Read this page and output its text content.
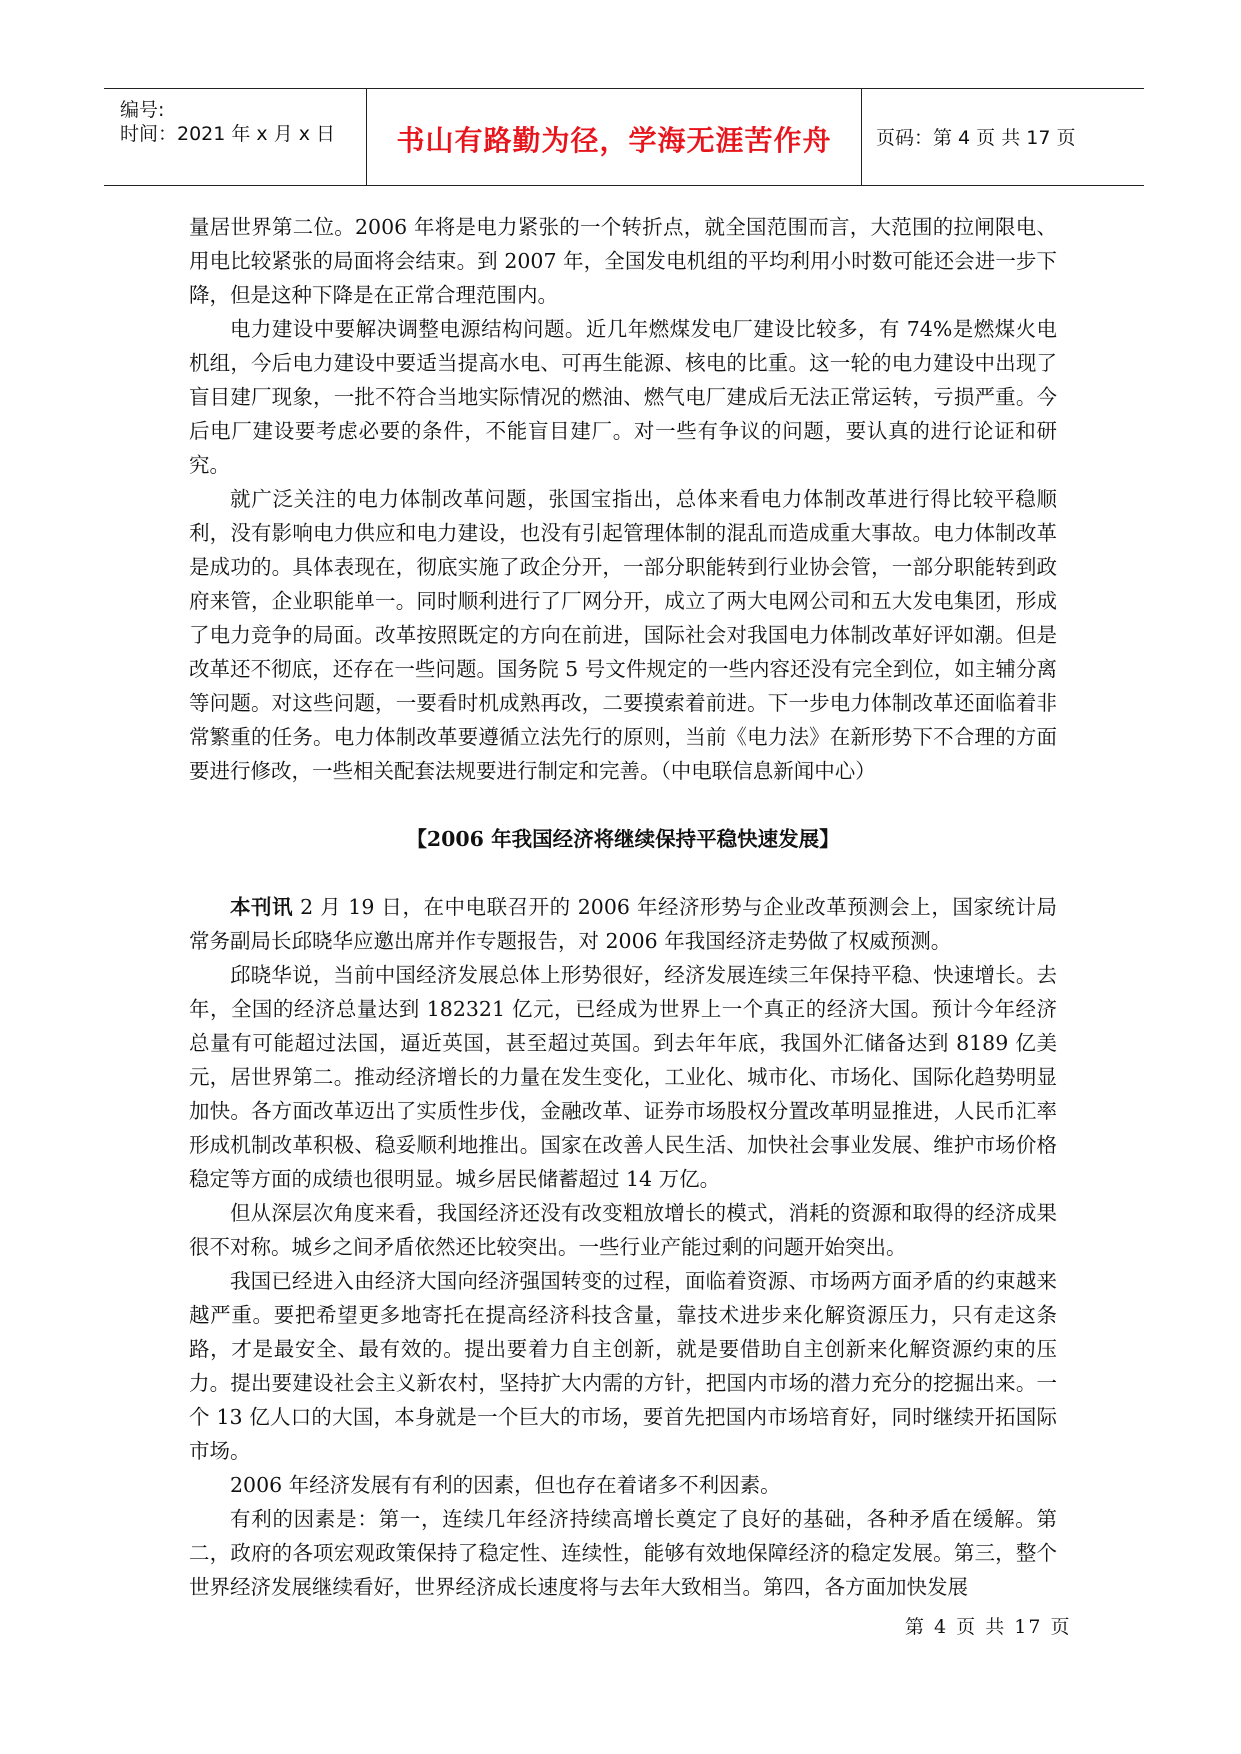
编号:
时间：2021 年 x 月 x 日	书山有路勤为径，学海无涯苦作舟	页码：第 4 页 共 17 页

量居世界第二位。2006 年将是电力紧张的一个转折点，就全国范围而言，大范围的拉闸限电、用电比较紧张的局面将会结束。到 2007 年，全国发电机组的平均利用小时数可能还会进一步下降，但是这种下降是在正常合理范围内。

电力建设中要解决调整电源结构问题。近几年燃煤发电厂建设比较多，有 74%是燃煤火电机组，今后电力建设中要适当提高水电、可再生能源、核电的比重。这一轮的电力建设中出现了盲目建厂现象，一批不符合当地实际情况的燃油、燃气电厂建成后无法正常运转，亏损严重。今后电厂建设要考虑必要的条件，不能盲目建厂。对一些有争议的问题，要认真的进行论证和研究。

就广泛关注的电力体制改革问题，张国宝指出，总体来看电力体制改革进行得比较平稳顺利，没有影响电力供应和电力建设，也没有引起管理体制的混乱而造成重大事故。电力体制改革是成功的。具体表现在，彻底实施了政企分开，一部分职能转到行业协会管，一部分职能转到政府来管，企业职能单一。同时顺利进行了厂网分开，成立了两大电网公司和五大发电集团，形成了电力竞争的局面。改革按照既定的方向在前进，国际社会对我国电力体制改革好评如潮。但是改革还不彻底，还存在一些问题。国务院 5 号文件规定的一些内容还没有完全到位，如主辅分离等问题。对这些问题，一要看时机成熟再改，二要摸索着前进。下一步电力体制改革还面临着非常繁重的任务。电力体制改革要遵循立法先行的原则，当前《电力法》在新形势下不合理的方面要进行修改，一些相关配套法规要进行制定和完善。（中电联信息新闻中心）

【2006 年我国经济将继续保持平稳快速发展】

本刊讯 2 月 19 日，在中电联召开的 2006 年经济形势与企业改革预测会上，国家统计局常务副局长邱晓华应邀出席并作专题报告，对 2006 年我国经济走势做了权威预测。

邱晓华说，当前中国经济发展总体上形势很好，经济发展连续三年保持平稳、快速增长。去年，全国的经济总量达到 182321 亿元，已经成为世界上一个真正的经济大国。预计今年经济总量有可能超过法国，逼近英国，甚至超过英国。到去年年底，我国外汇储备达到 8189 亿美元，居世界第二。推动经济增长的力量在发生变化，工业化、城市化、市场化、国际化趋势明显加快。各方面改革迈出了实质性步伐，金融改革、证券市场股权分置改革明显推进，人民币汇率形成机制改革积极、稳妥顺利地推出。国家在改善人民生活、加快社会事业发展、维护市场价格稳定等方面的成绩也很明显。城乡居民储蓄超过 14 万亿。

但从深层次角度来看，我国经济还没有改变粗放增长的模式，消耗的资源和取得的经济成果很不对称。城乡之间矛盾依然还比较突出。一些行业产能过剩的问题开始突出。

我国已经进入由经济大国向经济强国转变的过程，面临着资源、市场两方面矛盾的约束越来越严重。要把希望更多地寄托在提高经济科技含量，靠技术进步来化解资源压力，只有走这条路，才是最安全、最有效的。提出要着力自主创新，就是要借助自主创新来化解资源约束的压力。提出要建设社会主义新农村，坚持扩大内需的方针，把国内市场的潜力充分的挖掘出来。一个 13 亿人口的大国，本身就是一个巨大的市场，要首先把国内市场培育好，同时继续开拓国际市场。

2006 年经济发展有有利的因素，但也存在着诸多不利因素。

有利的因素是：第一，连续几年经济持续高增长奠定了良好的基础，各种矛盾在缓解。第二，政府的各项宏观政策保持了稳定性、连续性，能够有效地保障经济的稳定发展。第三，整个世界经济发展继续看好，世界经济成长速度将与去年大致相当。第四，各方面加快发展

第 4 页 共 17 页
